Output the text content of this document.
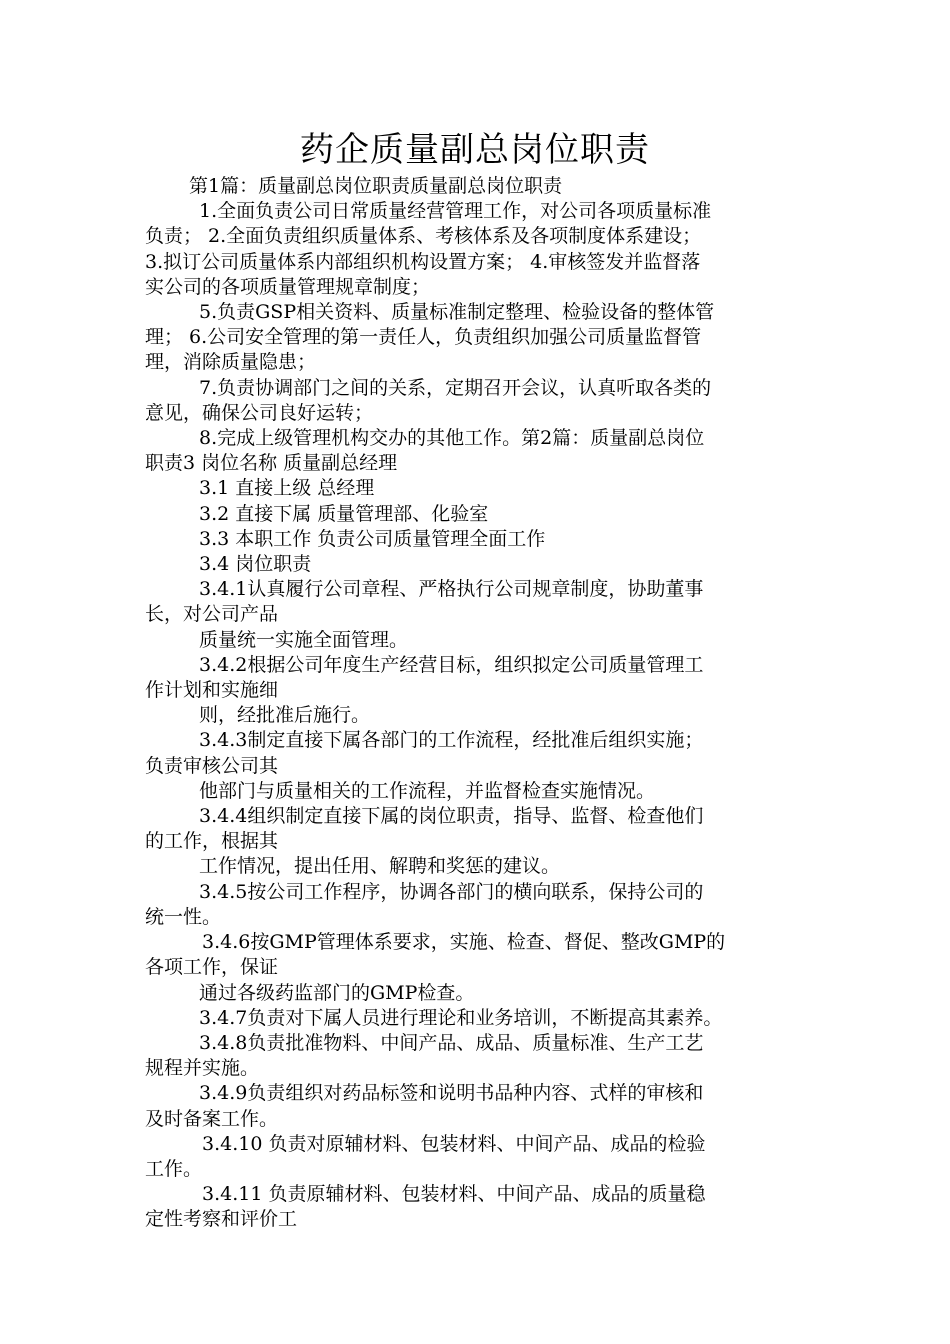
药企质量副总岗位职责

第1篇：质量副总岗位职责质量副总岗位职责

1.全面负责公司日常质量经营管理工作，对公司各项质量标准

负责； 2.全面负责组织质量体系、考核体系及各项制度体系建设；

3.拟订公司质量体系内部组织机构设置方案； 4.审核签发并监督落

实公司的各项质量管理规章制度；

5.负责GSP相关资料、质量标准制定整理、检验设备的整体管

理； 6.公司安全管理的第一责任人，负责组织加强公司质量监督管

理，消除质量隐患；

7.负责协调部门之间的关系，定期召开会议，认真听取各类的

意见，确保公司良好运转；

8.完成上级管理机构交办的其他工作。第2篇：质量副总岗位

职责3 岗位名称 质量副总经理

3.1 直接上级 总经理

3.2 直接下属 质量管理部、化验室

3.3 本职工作 负责公司质量管理全面工作

3.4 岗位职责

3.4.1认真履行公司章程、严格执行公司规章制度，协助董事

长，对公司产品

质量统一实施全面管理。

3.4.2根据公司年度生产经营目标，组织拟定公司质量管理工

作计划和实施细

则，经批准后施行。

3.4.3制定直接下属各部门的工作流程，经批准后组织实施；

负责审核公司其

他部门与质量相关的工作流程，并监督检查实施情况。

3.4.4组织制定直接下属的岗位职责，指导、监督、检查他们

的工作，根据其

工作情况，提出任用、解聘和奖惩的建议。

3.4.5按公司工作程序，协调各部门的横向联系，保持公司的

统一性。

3.4.6按GMP管理体系要求，实施、检查、督促、整改GMP的

各项工作，保证

通过各级药监部门的GMP检查。

3.4.7负责对下属人员进行理论和业务培训，不断提高其素养。

3.4.8负责批准物料、中间产品、成品、质量标准、生产工艺

规程并实施。

3.4.9负责组织对药品标签和说明书品种内容、式样的审核和

及时备案工作。

3.4.10 负责对原辅材料、包装材料、中间产品、成品的检验

工作。

3.4.11 负责原辅材料、包装材料、中间产品、成品的质量稳

定性考察和评价工
